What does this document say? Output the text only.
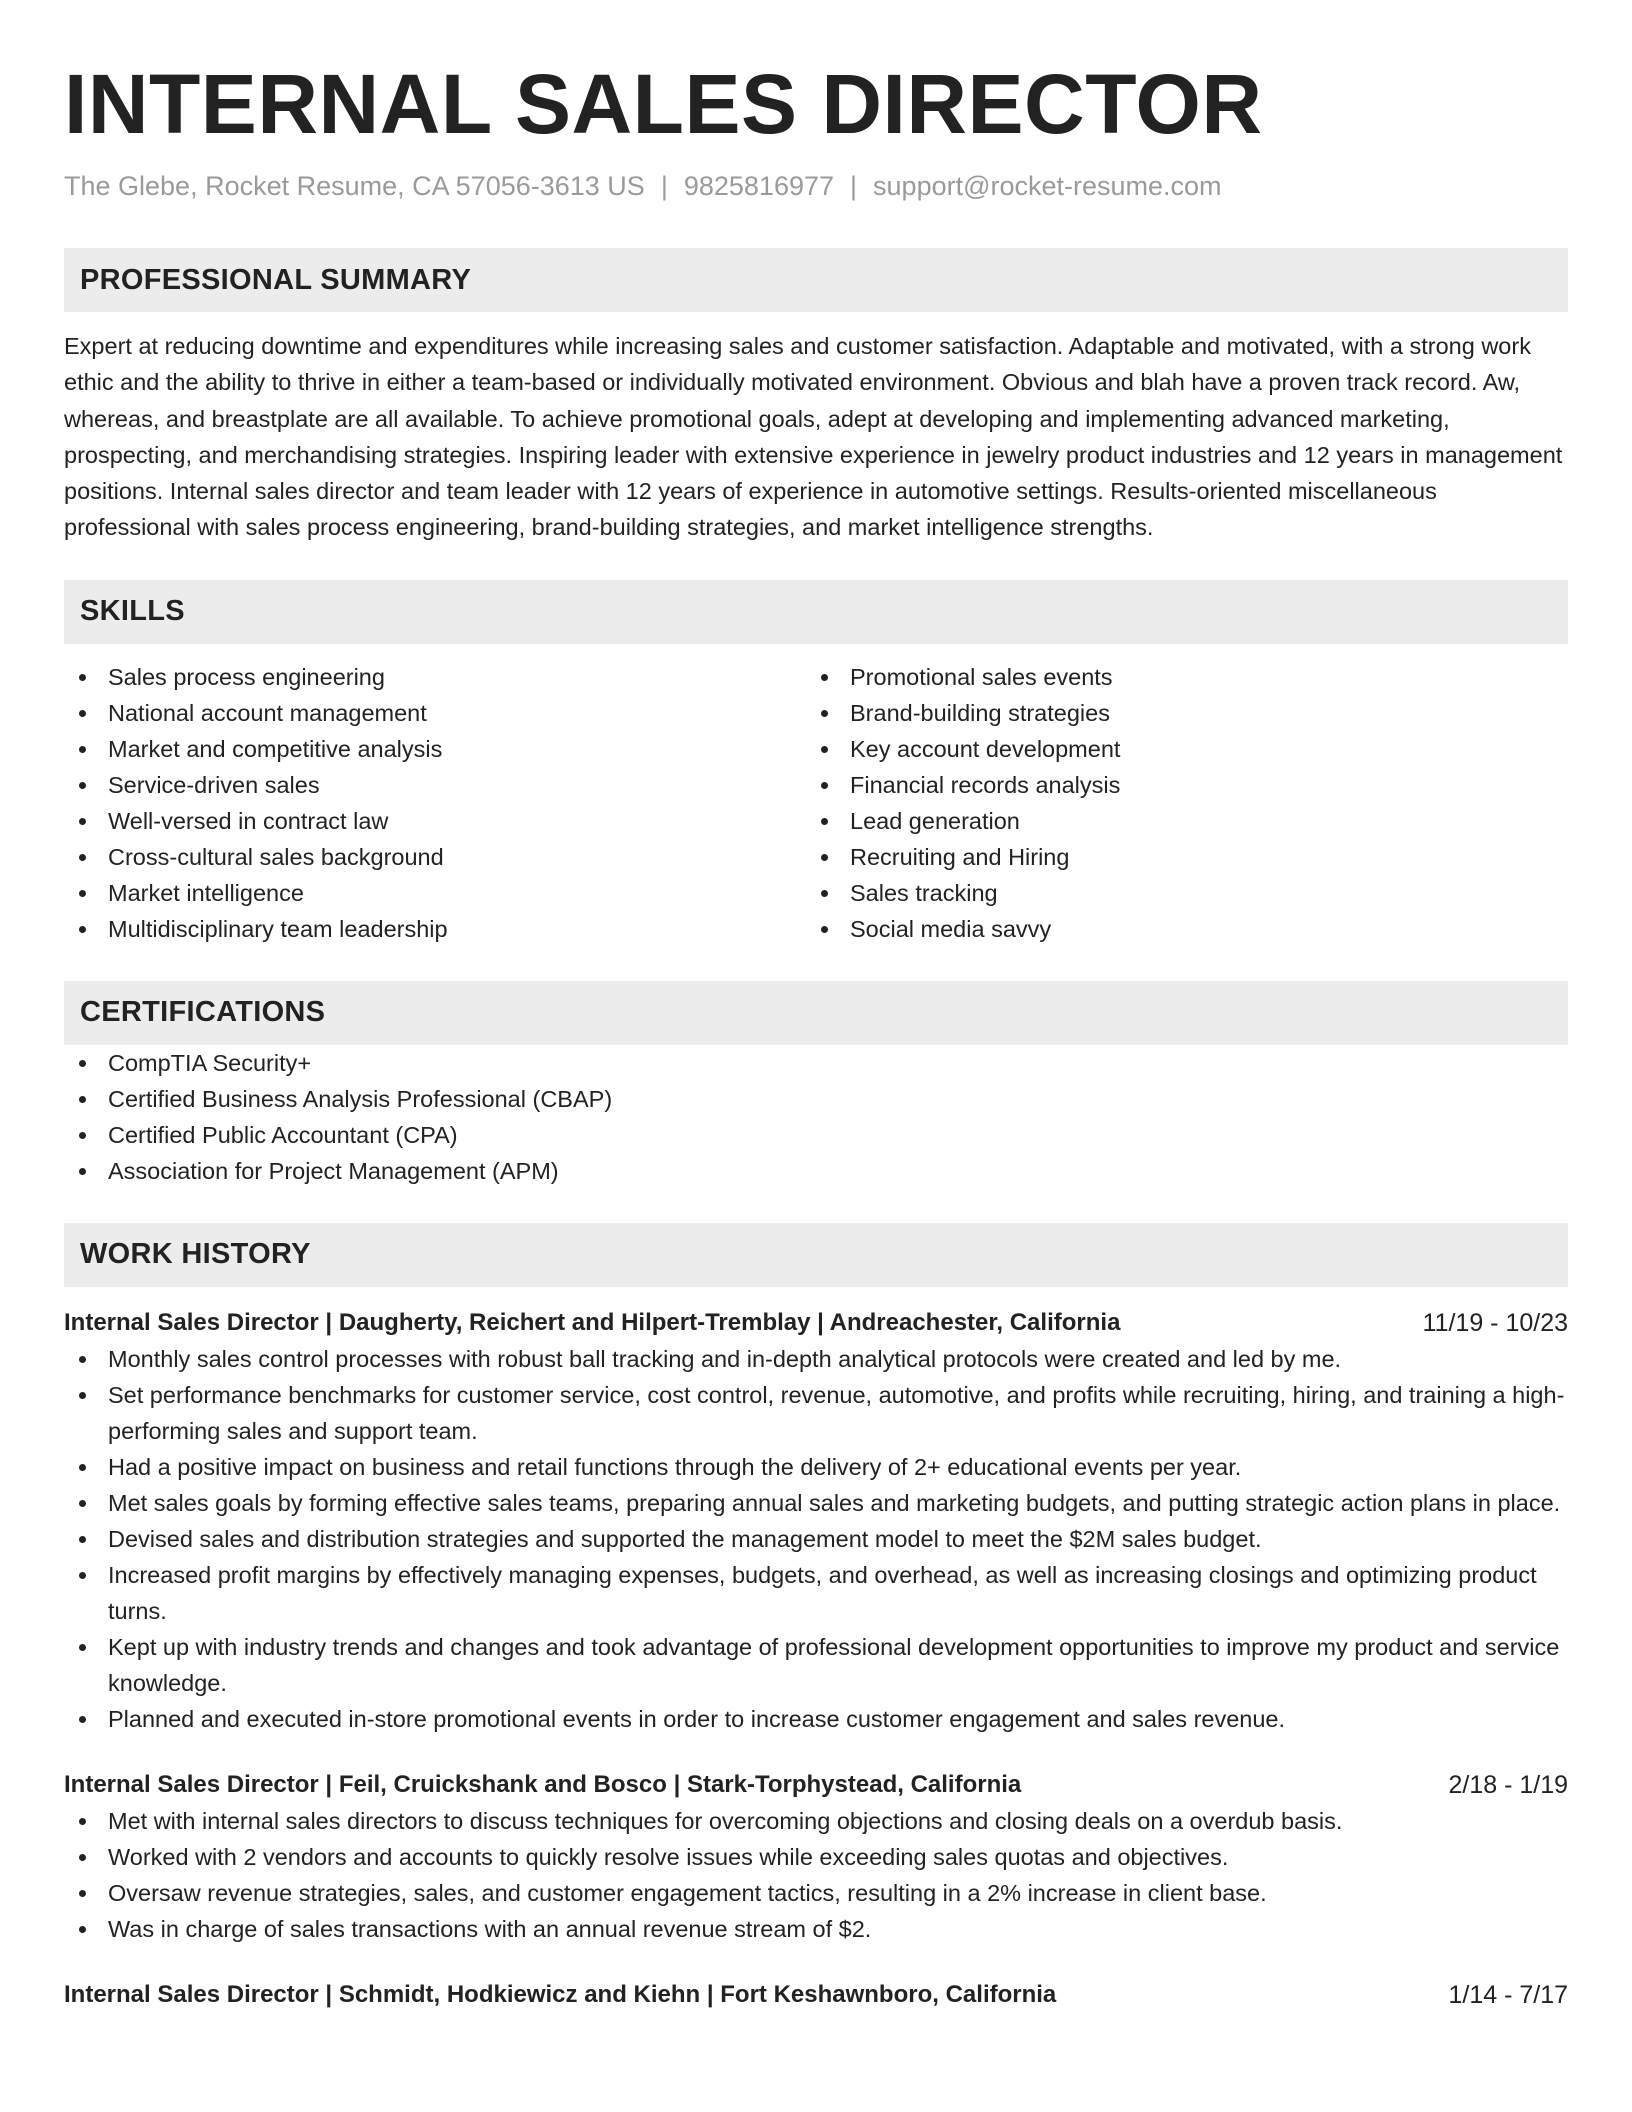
INTERNAL SALES DIRECTOR
The Glebe, Rocket Resume, CA 57056-3613 US | 9825816977 | support@rocket-resume.com
PROFESSIONAL SUMMARY

Expert at reducing downtime and expenditures while increasing sales and customer satisfaction. Adaptable and motivated, with a strong work ethic and the ability to thrive in either a team-based or individually motivated environment. Obvious and blah have a proven track record. Aw, whereas, and breastplate are all available. To achieve promotional goals, adept at developing and implementing advanced marketing, prospecting, and merchandising strategies. Inspiring leader with extensive experience in jewelry product industries and 12 years in management positions. Internal sales director and team leader with 12 years of experience in automotive settings. Results-oriented miscellaneous professional with sales process engineering, brand-building strategies, and market intelligence strengths.

SKILLS
Sales process engineering
National account management
Market and competitive analysis
Service-driven sales
Well-versed in contract law
Cross-cultural sales background
Market intelligence
Multidisciplinary team leadership
Promotional sales events
Brand-building strategies
Key account development
Financial records analysis
Lead generation
Recruiting and Hiring
Sales tracking
Social media savvy
CERTIFICATIONS
CompTIA Security+
Certified Business Analysis Professional (CBAP)
Certified Public Accountant (CPA)
Association for Project Management (APM)
WORK HISTORY
Internal Sales Director | Daugherty, Reichert and Hilpert-Tremblay | Andreachester, California	11/19 - 10/23
Monthly sales control processes with robust ball tracking and in-depth analytical protocols were created and led by me.
Set performance benchmarks for customer service, cost control, revenue, automotive, and profits while recruiting, hiring, and training a high-performing sales and support team.
Had a positive impact on business and retail functions through the delivery of 2+ educational events per year.
Met sales goals by forming effective sales teams, preparing annual sales and marketing budgets, and putting strategic action plans in place.
Devised sales and distribution strategies and supported the management model to meet the $2M sales budget.
Increased profit margins by effectively managing expenses, budgets, and overhead, as well as increasing closings and optimizing product turns.
Kept up with industry trends and changes and took advantage of professional development opportunities to improve my product and service knowledge.
Planned and executed in-store promotional events in order to increase customer engagement and sales revenue.
Internal Sales Director | Feil, Cruickshank and Bosco | Stark-Torphystead, California	2/18 - 1/19
Met with internal sales directors to discuss techniques for overcoming objections and closing deals on a overdub basis.
Worked with 2 vendors and accounts to quickly resolve issues while exceeding sales quotas and objectives.
Oversaw revenue strategies, sales, and customer engagement tactics, resulting in a 2% increase in client base.
Was in charge of sales transactions with an annual revenue stream of $2.
Internal Sales Director | Schmidt, Hodkiewicz and Kiehn | Fort Keshawnboro, California	1/14 - 7/17
